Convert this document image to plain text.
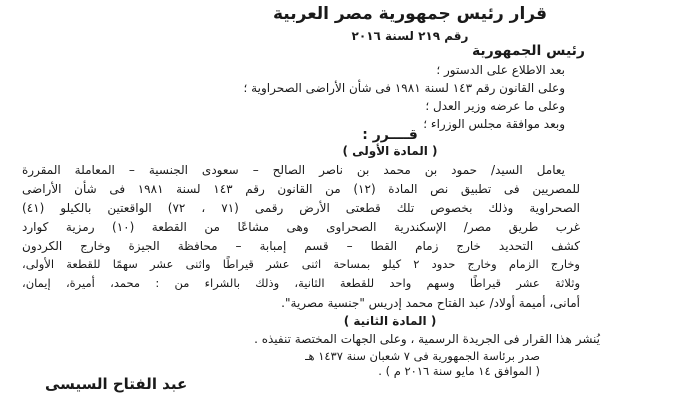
قرار رئيس جمهورية مصر العربية
رقم ٢١٩ لسنة ٢٠١٦
رئيس الجمهورية
بعد الاطلاع على الدستور ؛
وعلى القانون رقم ١٤٣ لسنة ١٩٨١ فى شأن الأراضى الصحراوية ؛
وعلى ما عرضه وزير العدل ؛
وبعد موافقة مجلس الوزراء ؛
قــــرر :
( المادة الأولى )
يعامل السيد/ حمود بن محمد بن ناصر الصالح – سعودى الجنسية – المعاملة المقررة
للمصريين فى تطبيق نص المادة (١٢) من القانون رقم ١٤٣ لسنة ١٩٨١ فى شأن الأراضى
الصحراوية وذلك بخصوص تلك قطعتى الأرض رقمى (٧١ ، ٧٢) الواقعتين بالكيلو (٤١)
غرب طريق مصر/ الإسكندرية الصحراوى وهى مشاعًا من القطعة (١٠) رمزية كوارد
كشف التحديد خارج زمام القطا – قسم إمبابة – محافظة الجيزة وخارج الكردون
وخارج الزمام وخارج حدود ٢ كيلو بمساحة اثنى عشر قيراطًا واثنى عشر سهمًا للقطعة الأولى،
وثلاثة عشر قيراطًا وسهم واحد للقطعة الثانية، وذلك بالشراء من : محمد، أميرة، إيمان،
أمانى، أميمة أولاد/ عبد الفتاح محمد إدريس "جنسية مصرية".
( المادة الثانية )
يُنشر هذا القرار فى الجريدة الرسمية ، وعلى الجهات المختصة تنفيذه .
صدر برئاسة الجمهورية فى ٧ شعبان سنة ١٤٣٧ هـ
( الموافق ١٤ مايو سنة ٢٠١٦ م ) .
عبد الفتاح السيسى
